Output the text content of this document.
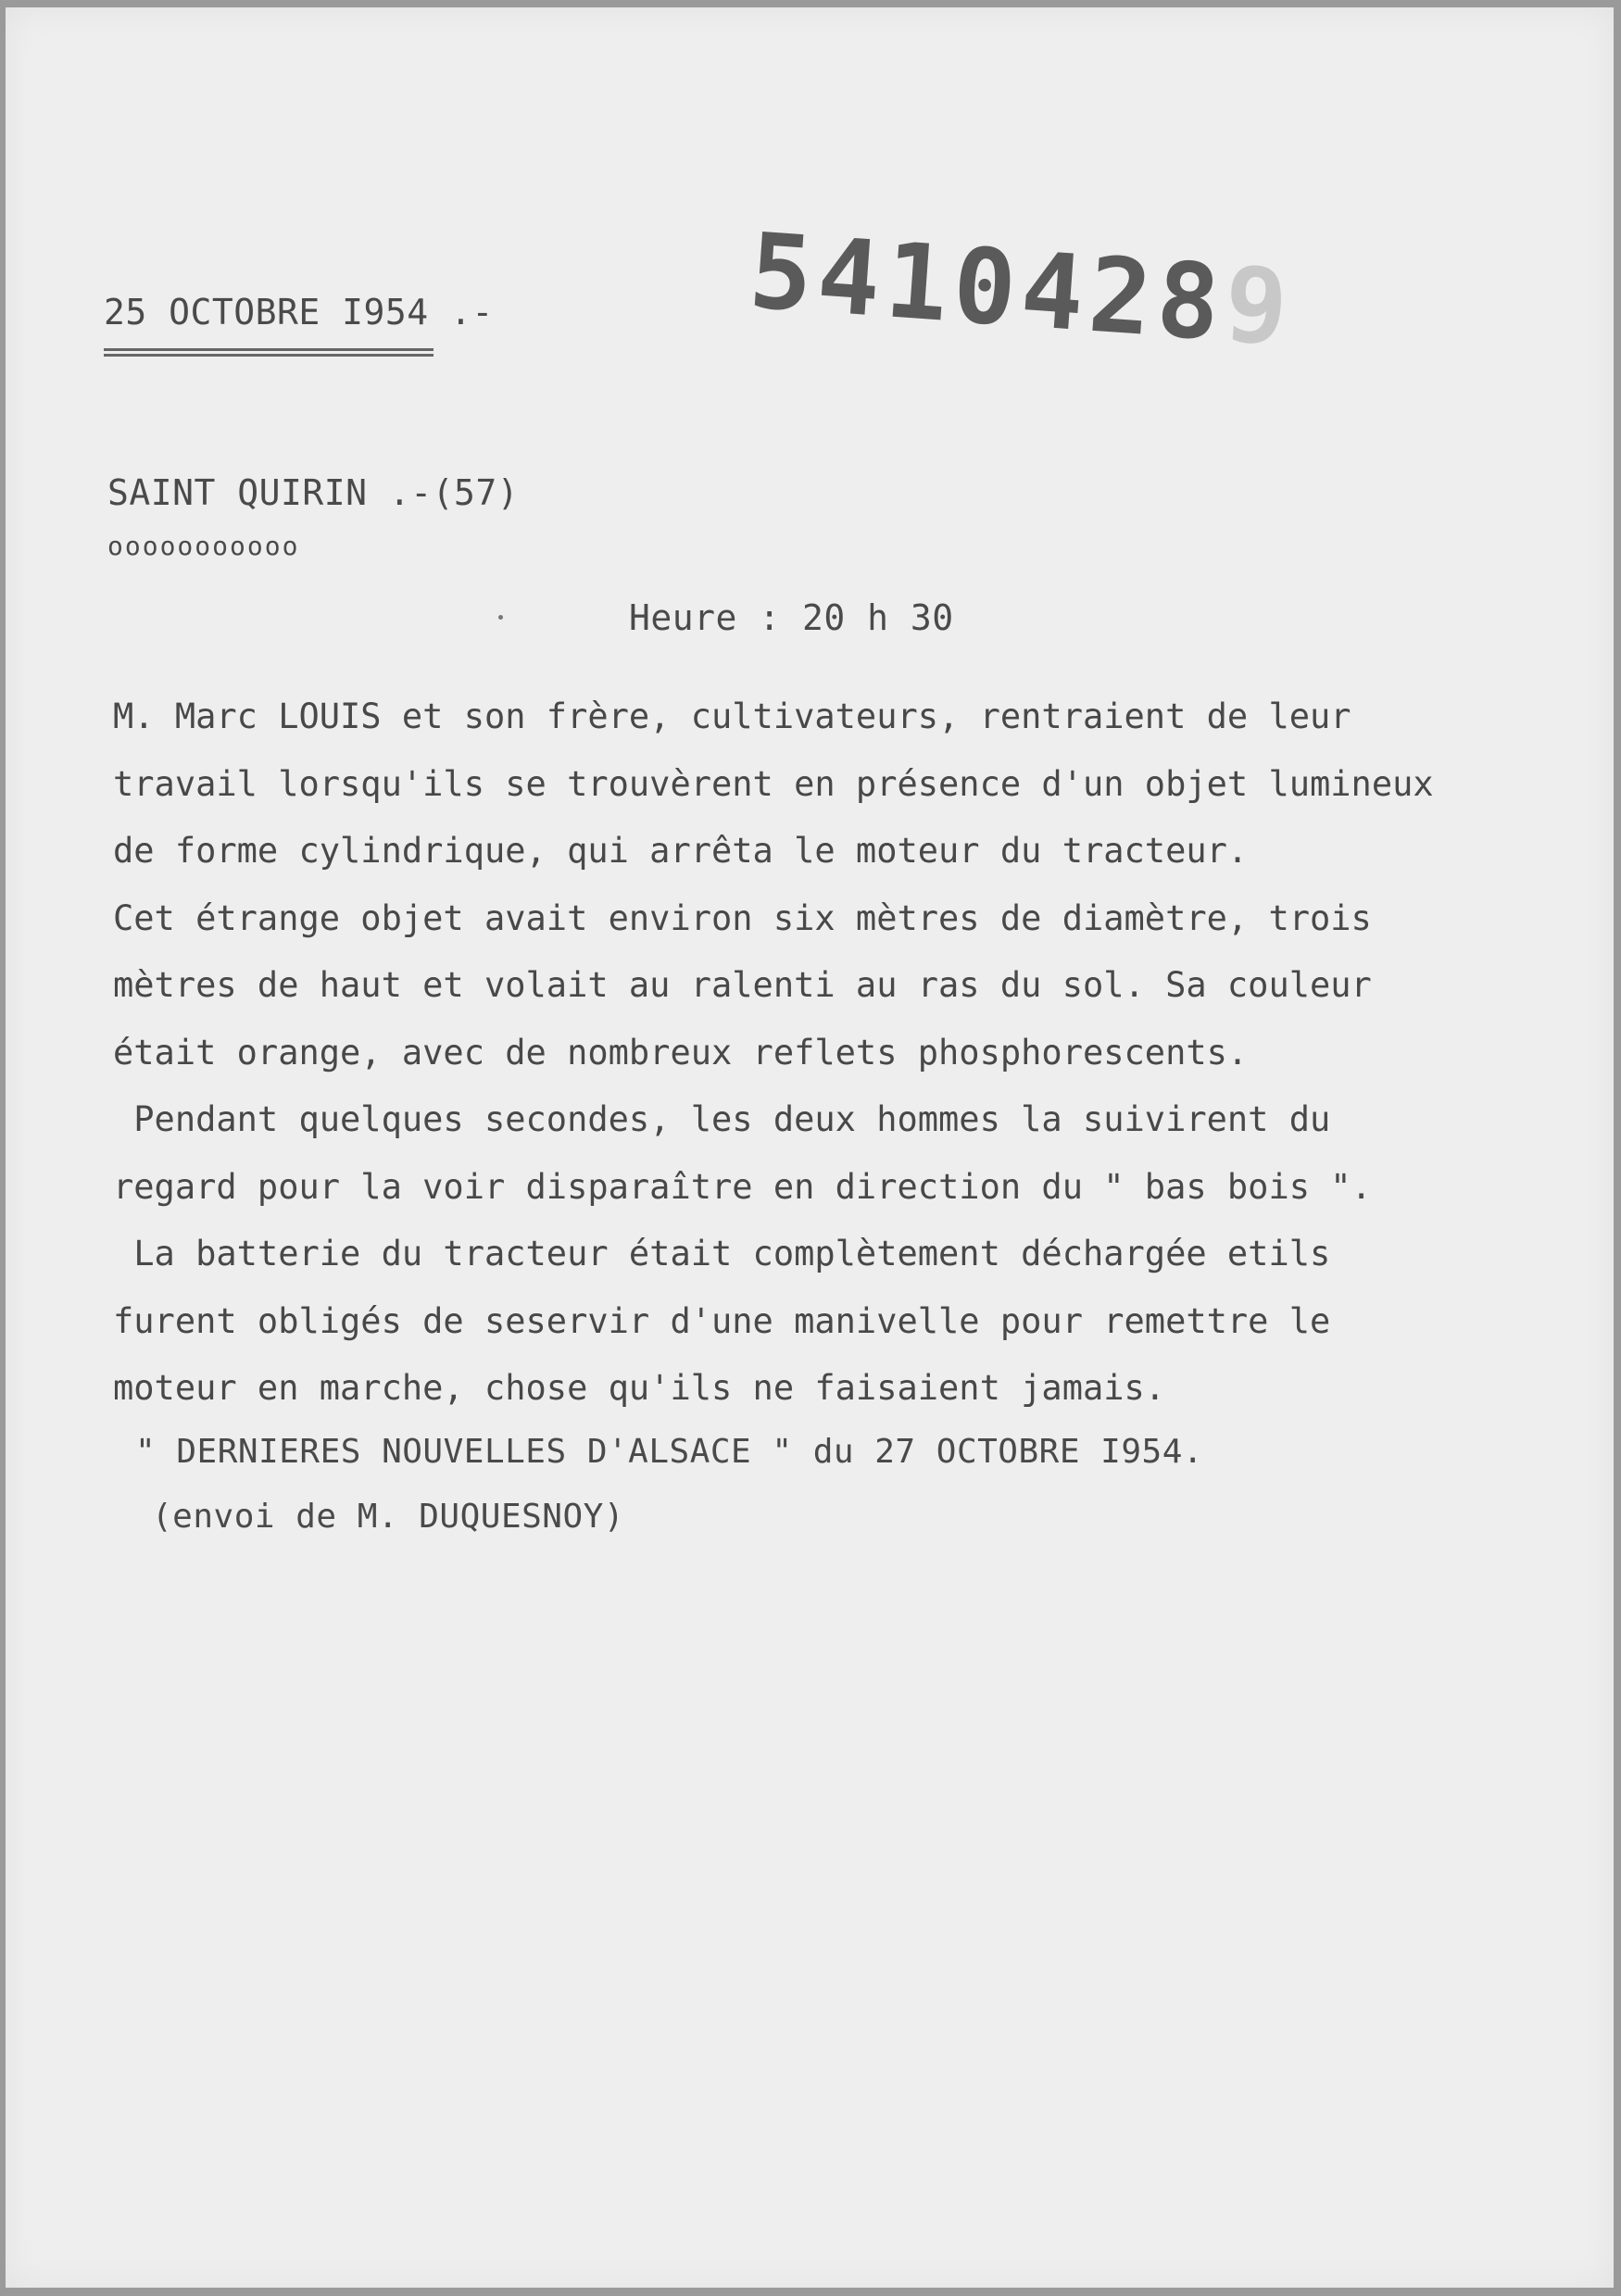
25 OCTOBRE I954 .- 54104289
SAINT QUIRIN .-(57)
ooooooooooo
Heure : 20 h 30
M. Marc LOUIS et son frère, cultivateurs, rentraient de leur
travail lorsqu'ils se trouvèrent en présence d'un objet lumineux
de forme cylindrique, qui arrêta le moteur du tracteur.
Cet étrange objet avait environ six mètres de diamètre, trois
mètres de haut et volait au ralenti au ras du sol. Sa couleur
était orange, avec de nombreux reflets phosphorescents.
Pendant quelques secondes, les deux hommes la suivirent du
regard pour la voir disparaître en direction du " bas bois ".
La batterie du tracteur était complètement déchargée etils
furent obligés de seservir d'une manivelle pour remettre le
moteur en marche, chose qu'ils ne faisaient jamais.
" DERNIERES NOUVELLES D'ALSACE " du 27 OCTOBRE I954.
(envoi de M. DUQUESNOY)
